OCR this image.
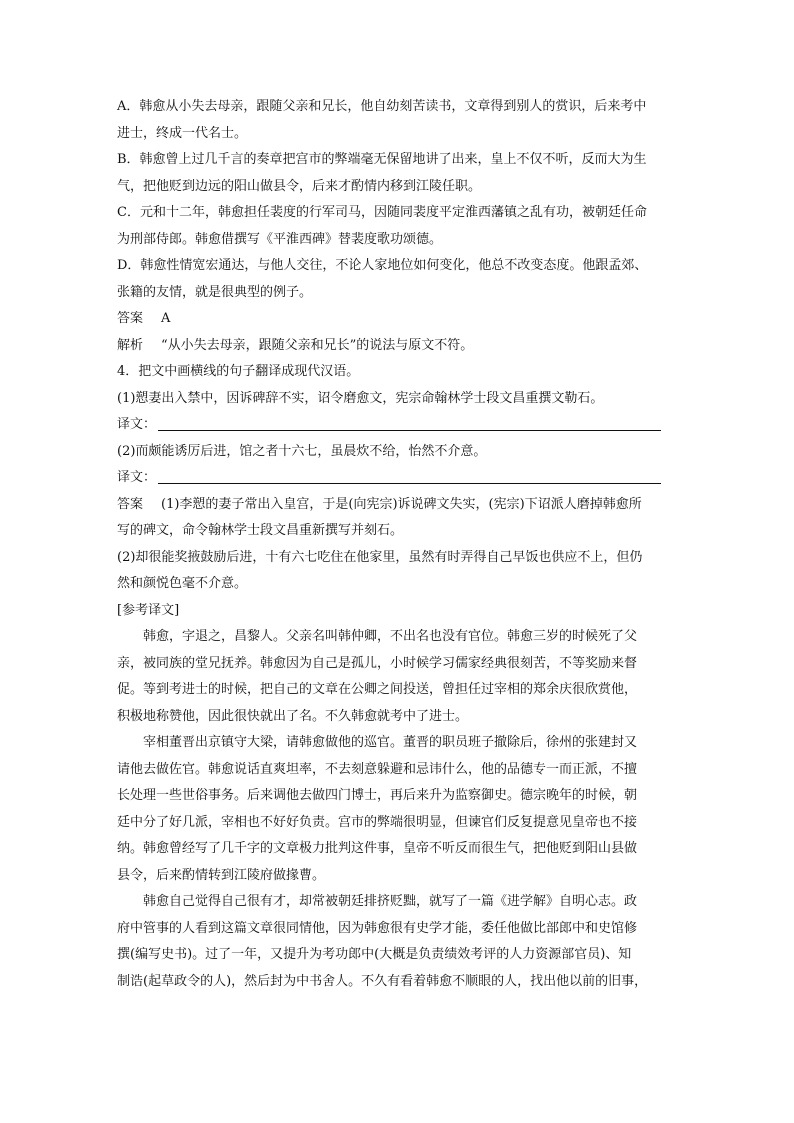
A．韩愈从小失去母亲，跟随父亲和兄长，他自幼刻苦读书，文章得到别人的赏识，后来考中
进士，终成一代名士。
B．韩愈曾上过几千言的奏章把宫市的弊端毫无保留地讲了出来，皇上不仅不听，反而大为生
气，把他贬到边远的阳山做县令，后来才酌情内移到江陵任职。
C．元和十二年，韩愈担任裴度的行军司马，因随同裴度平定淮西藩镇之乱有功，被朝廷任命
为刑部侍郎。韩愈借撰写《平淮西碑》替裴度歌功颂德。
D．韩愈性情宽宏通达，与他人交往，不论人家地位如何变化，他总不改变态度。他跟孟郊、
张籍的友情，就是很典型的例子。
答案 A
解析 “从小失去母亲，跟随父亲和兄长”的说法与原文不符。
4．把文中画横线的句子翻译成现代汉语。
(1)愬妻出入禁中，因诉碑辞不实，诏令磨愈文，宪宗命翰林学士段文昌重撰文勒石。
译文：
(2)而颇能诱厉后进，馆之者十六七，虽晨炊不给，怡然不介意。
译文：
答案 (1)李愬的妻子常出入皇宫，于是(向宪宗)诉说碑文失实，(宪宗)下诏派人磨掉韩愈所
写的碑文，命令翰林学士段文昌重新撰写并刻石。
(2)却很能奖掖鼓励后进，十有六七吃住在他家里，虽然有时弄得自己早饭也供应不上，但仍
然和颜悦色毫不介意。
[参考译文]
韩愈，字退之，昌黎人。父亲名叫韩仲卿，不出名也没有官位。韩愈三岁的时候死了父
亲，被同族的堂兄抚养。韩愈因为自己是孤儿，小时候学习儒家经典很刻苦，不等奖励来督
促。等到考进士的时候，把自己的文章在公卿之间投送，曾担任过宰相的郑余庆很欣赏他，
积极地称赞他，因此很快就出了名。不久韩愈就考中了进士。
宰相董晋出京镇守大梁，请韩愈做他的巡官。董晋的职员班子撤除后，徐州的张建封又
请他去做佐官。韩愈说话直爽坦率，不去刻意躲避和忌讳什么，他的品德专一而正派，不擅
长处理一些世俗事务。后来调他去做四门博士，再后来升为监察御史。德宗晚年的时候，朝
廷中分了好几派，宰相也不好好负责。宫市的弊端很明显，但谏官们反复提意见皇帝也不接
纳。韩愈曾经写了几千字的文章极力批判这件事，皇帝不听反而很生气，把他贬到阳山县做
县令，后来酌情转到江陵府做掾曹。
韩愈自己觉得自己很有才，却常被朝廷排挤贬黜，就写了一篇《进学解》自明心志。政
府中管事的人看到这篇文章很同情他，因为韩愈很有史学才能，委任他做比部郎中和史馆修
撰(编写史书)。过了一年，又提升为考功郎中(大概是负责绩效考评的人力资源部官员)、知
制诰(起草政令的人)，然后封为中书舍人。不久有看着韩愈不顺眼的人，找出他以前的旧事，
